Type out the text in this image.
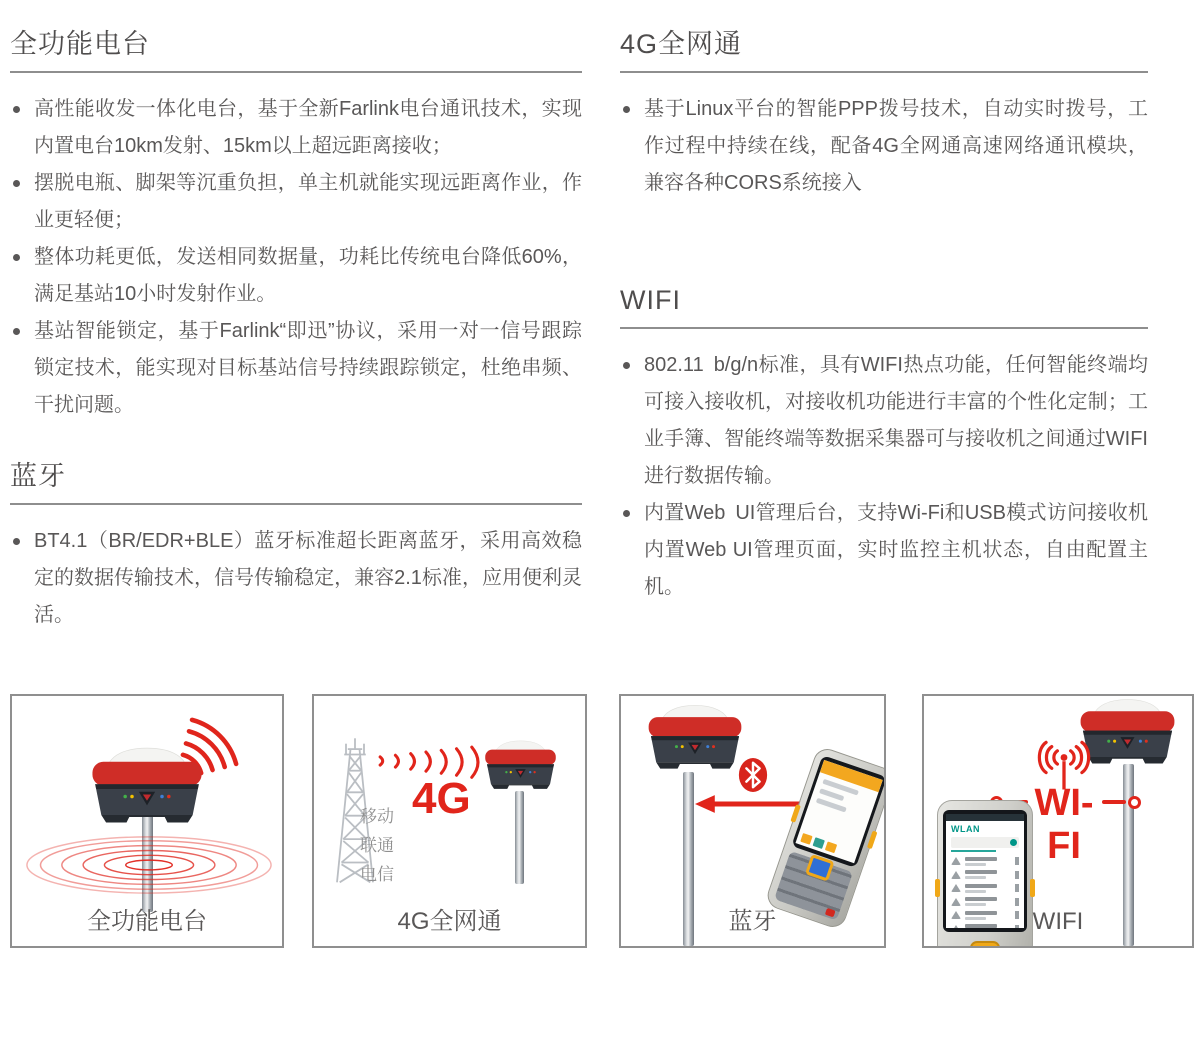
全功能电台
高性能收发一体化电台，基于全新Farlink电台通讯技术，实现内置电台10km发射、15km以上超远距离接收；
摆脱电瓶、脚架等沉重负担，单主机就能实现远距离作业，作业更轻便；
整体功耗更低，发送相同数据量，功耗比传统电台降低60%，满足基站10小时发射作业。
基站智能锁定，基于Farlink“即迅”协议，采用一对一信号跟踪锁定技术，能实现对目标基站信号持续跟踪锁定，杜绝串频、干扰问题。
蓝牙
BT4.1（BR/EDR+BLE）蓝牙标准超长距离蓝牙，采用高效稳定的数据传输技术，信号传输稳定，兼容2.1标准，应用便利灵活。
4G全网通
基于Linux平台的智能PPP拨号技术，自动实时拨号，工作过程中持续在线，配备4G全网通高速网络通讯模块，兼容各种CORS系统接入
WIFI
802.11 b/g/n标准，具有WIFI热点功能，任何智能终端均可接入接收机，对接收机功能进行丰富的个性化定制；工业手簿、智能终端等数据采集器可与接收机之间通过WIFI进行数据传输。
内置Web UI管理后台，支持Wi-Fi和USB模式访问接收机内置Web UI管理页面，实时监控主机状态，自由配置主机。
全功能电台
移动
联通
电信
4G
4G全网通	蓝牙
WI-FI
WLAN
WIFI
